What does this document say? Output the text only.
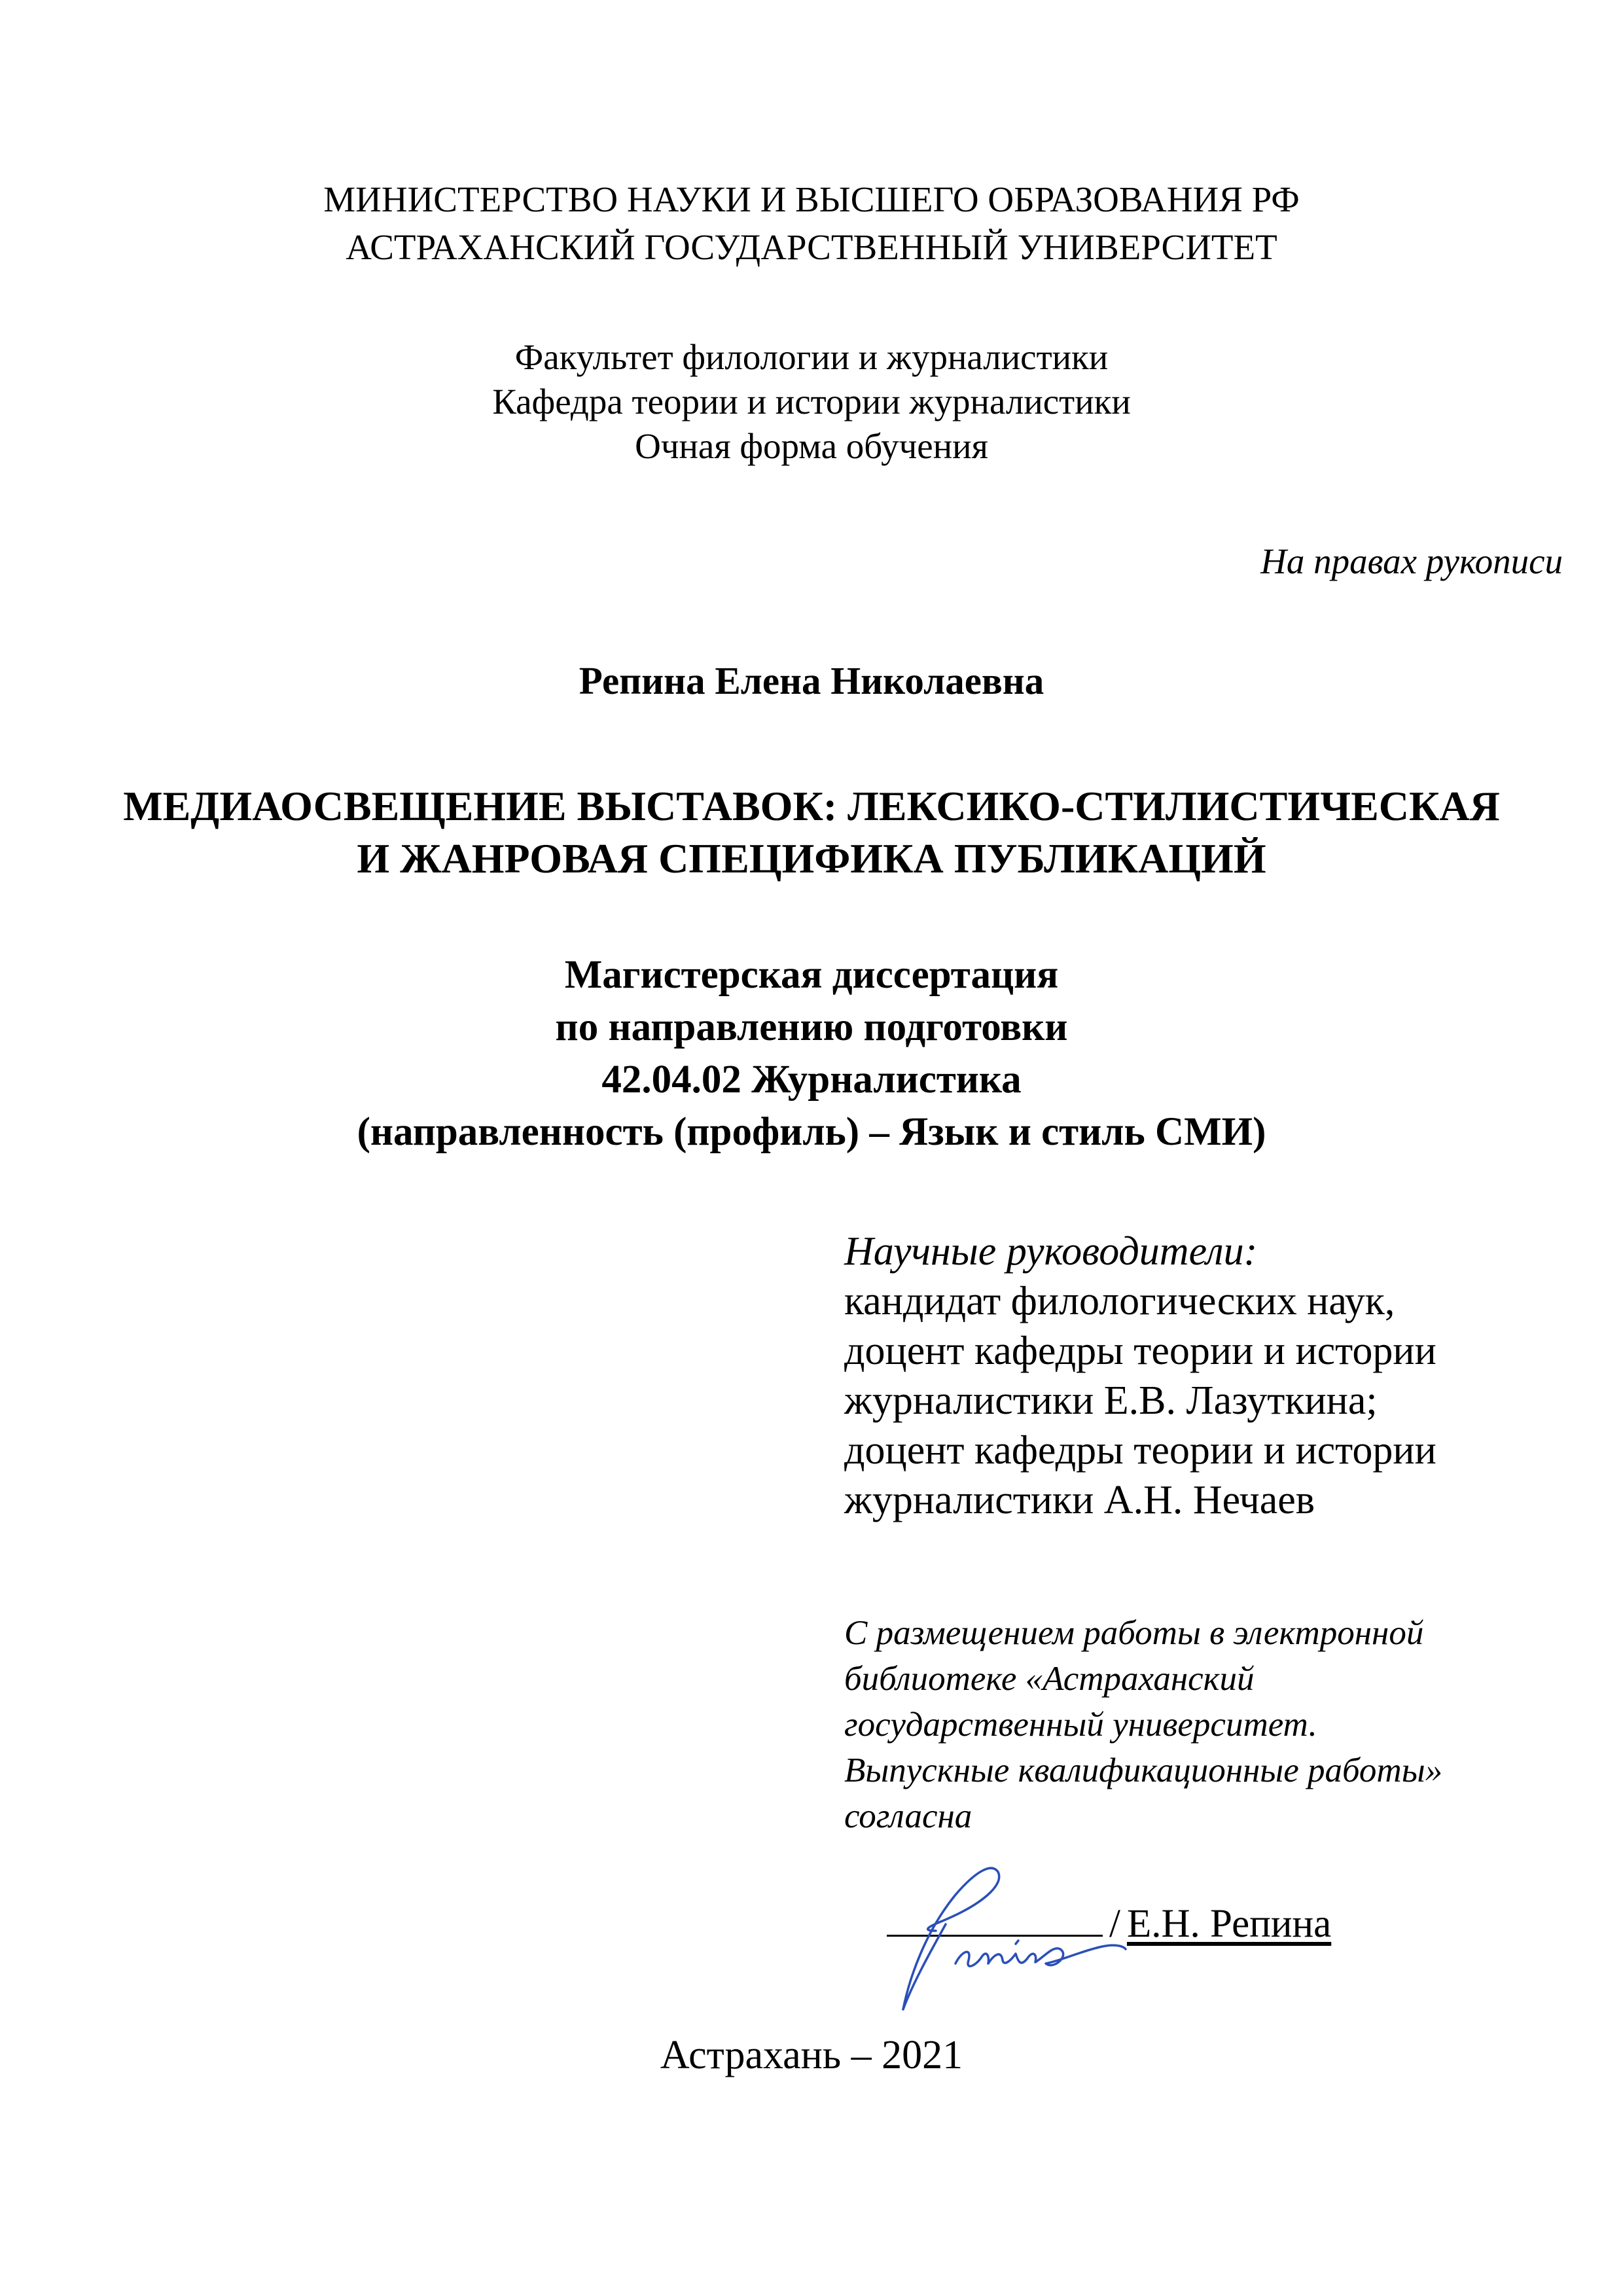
МИНИСТЕРСТВО НАУКИ И ВЫСШЕГО ОБРАЗОВАНИЯ РФ
АСТРАХАНСКИЙ ГОСУДАРСТВЕННЫЙ УНИВЕРСИТЕТ
Факультет филологии и журналистики
Кафедра теории и истории журналистики
Очная форма обучения
На правах рукописи
Репина Елена Николаевна
МЕДИАОСВЕЩЕНИЕ ВЫСТАВОК: ЛЕКСИКО-СТИЛИСТИЧЕСКАЯ
И ЖАНРОВАЯ СПЕЦИФИКА ПУБЛИКАЦИЙ
Магистерская диссертация
по направлению подготовки
42.04.02 Журналистика
(направленность (профиль) – Язык и стиль СМИ)
Научные руководители:
кандидат филологических наук,
доцент кафедры теории и истории
журналистики Е.В. Лазуткина;
доцент кафедры теории и истории
журналистики А.Н. Нечаев
С размещением работы в электронной
библиотеке «Астраханский
государственный университет.
Выпускные квалификационные работы»
согласна
/ Е.Н. Репина
Астрахань – 2021
